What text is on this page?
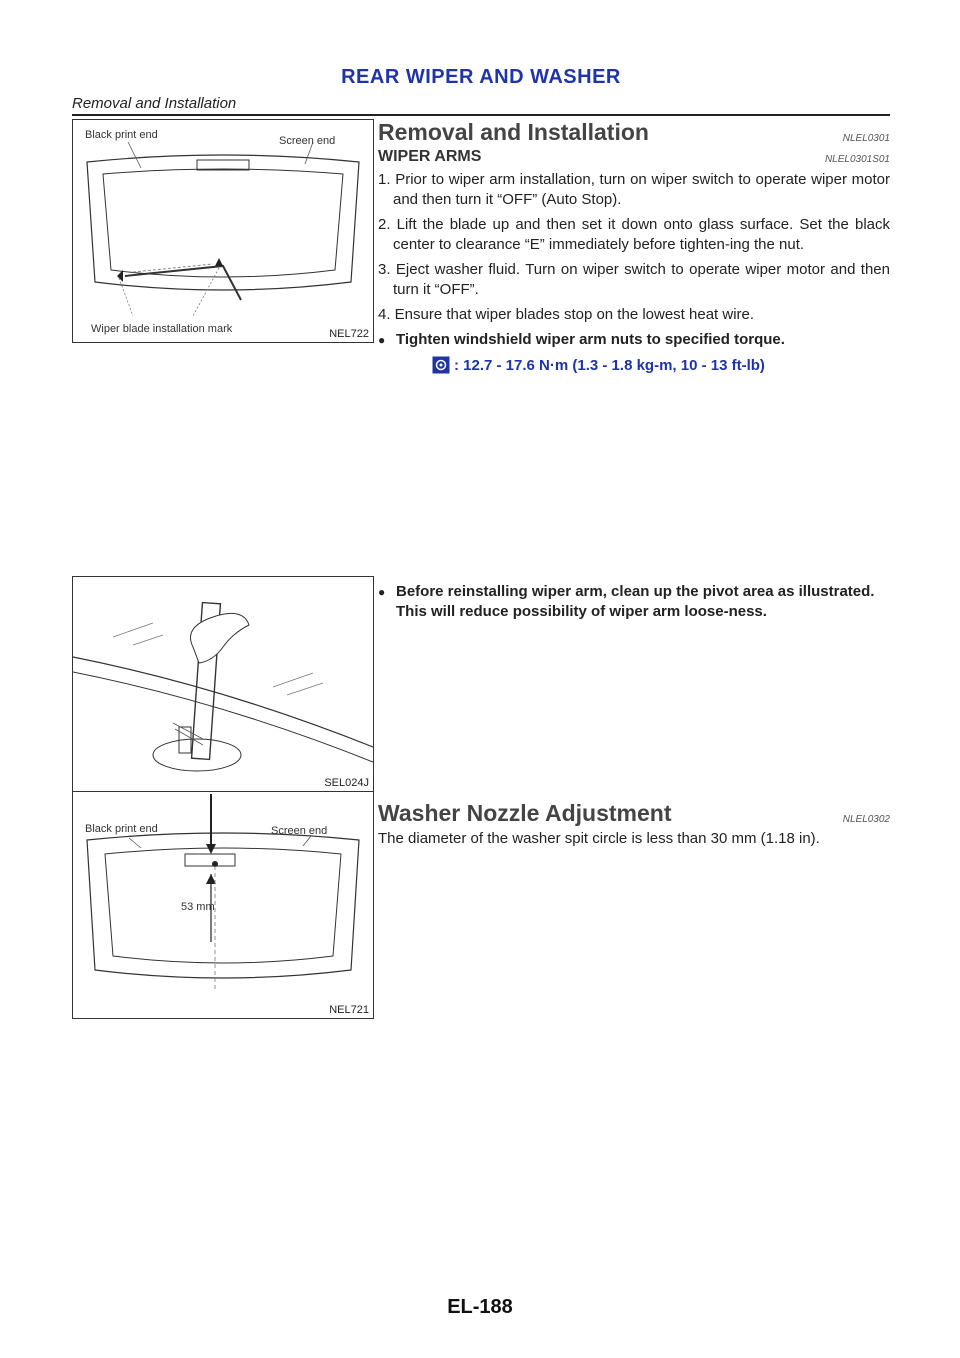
REAR WIPER AND WASHER
Removal and Installation
Black print end	Screen end
Wiper blade installation mark	NEL722
SEL024J
Black print end	Screen end
53 mm
NEL721
Removal and Installation	NLEL0301
WIPER ARMS	NLEL0301S01

1. Prior to wiper arm installation, turn on wiper switch to operate wiper motor and then turn it “OFF” (Auto Stop).

2. Lift the blade up and then set it down onto glass surface. Set the black center to clearance “E” immediately before tighten-ing the nut.

3. Eject washer fluid. Turn on wiper switch to operate wiper motor and then turn it “OFF”.

4. Ensure that wiper blades stop on the lowest heat wire.

● Tighten windshield wiper arm nuts to specified torque.
: 12.7 - 17.6 N·m (1.3 - 1.8 kg-m, 10 - 13 ft-lb)
● Before reinstalling wiper arm, clean up the pivot area as illustrated. This will reduce possibility of wiper arm loose-ness.
Washer Nozzle Adjustment	NLEL0302
The diameter of the washer spit circle is less than 30 mm (1.18 in).
EL-188
